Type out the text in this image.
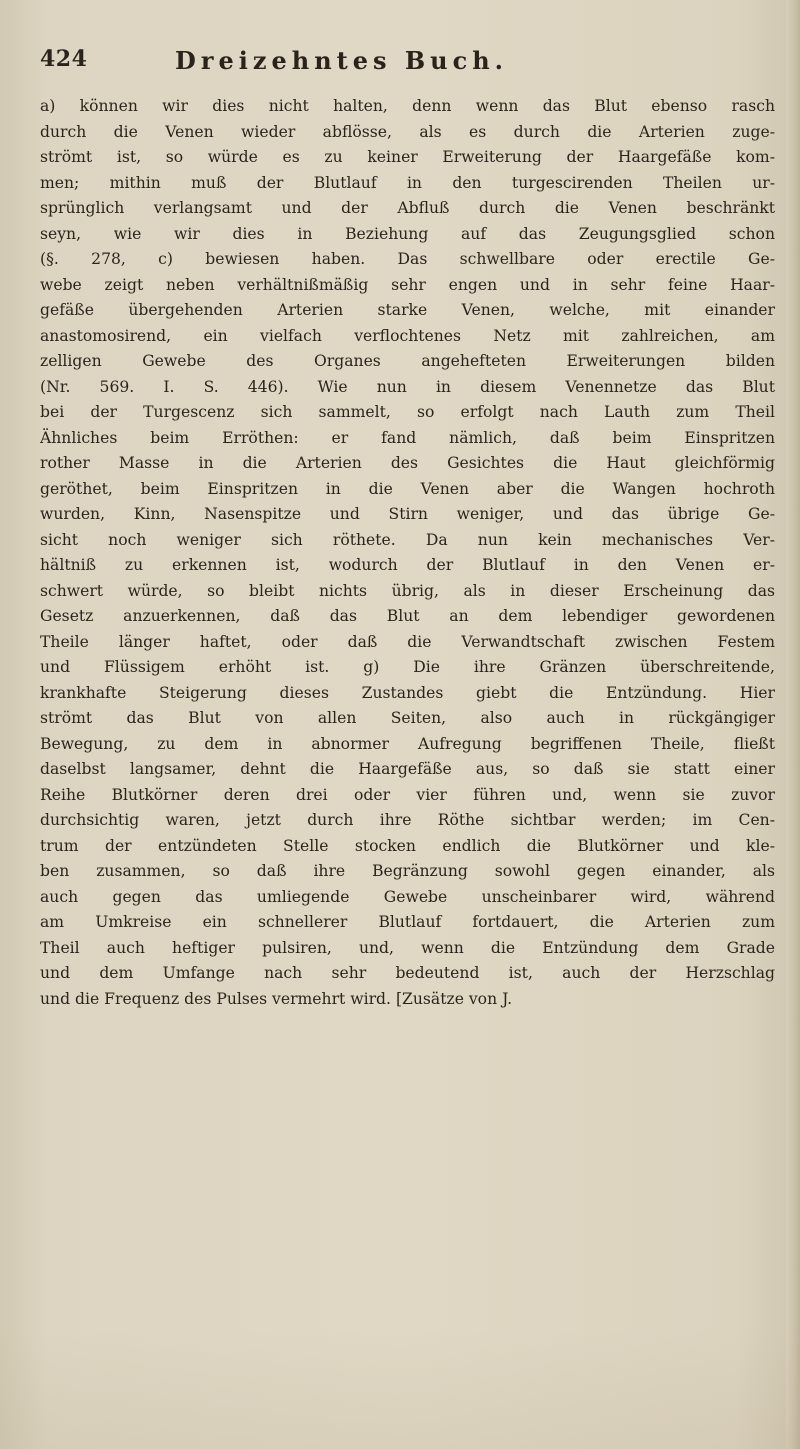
424	Dreizehntes Buch.
a) können wir dies nicht halten, denn wenn das Blut ebenso rasch
durch die Venen wieder abflösse, als es durch die Arterien zuge-
strömt ist, so würde es zu keiner Erweiterung der Haargefäße kom-
men; mithin muß der Blutlauf in den turgescirenden Theilen ur-
sprünglich verlangsamt und der Abfluß durch die Venen beschränkt
seyn, wie wir dies in Beziehung auf das Zeugungsglied schon
(§. 278, c) bewiesen haben. Das schwellbare oder erectile Ge-
webe zeigt neben verhältnißmäßig sehr engen und in sehr feine Haar-
gefäße übergehenden Arterien starke Venen, welche, mit einander
anastomosirend, ein vielfach verflochtenes Netz mit zahlreichen, am
zelligen Gewebe des Organes angehefteten Erweiterungen bilden
(Nr. 569. I. S. 446). Wie nun in diesem Venennetze das Blut
bei der Turgescenz sich sammelt, so erfolgt nach Lauth zum Theil
Ähnliches beim Erröthen: er fand nämlich, daß beim Einspritzen
rother Masse in die Arterien des Gesichtes die Haut gleichförmig
geröthet, beim Einspritzen in die Venen aber die Wangen hochroth
wurden, Kinn, Nasenspitze und Stirn weniger, und das übrige Ge-
sicht noch weniger sich röthete. Da nun kein mechanisches Ver-
hältniß zu erkennen ist, wodurch der Blutlauf in den Venen er-
schwert würde, so bleibt nichts übrig, als in dieser Erscheinung das
Gesetz anzuerkennen, daß das Blut an dem lebendiger gewordenen
Theile länger haftet, oder daß die Verwandtschaft zwischen Festem
und Flüssigem erhöht ist. g) Die ihre Gränzen überschreitende,
krankhafte Steigerung dieses Zustandes giebt die Entzündung. Hier
strömt das Blut von allen Seiten, also auch in rückgängiger
Bewegung, zu dem in abnormer Aufregung begriffenen Theile, fließt
daselbst langsamer, dehnt die Haargefäße aus, so daß sie statt einer
Reihe Blutkörner deren drei oder vier führen und, wenn sie zuvor
durchsichtig waren, jetzt durch ihre Röthe sichtbar werden; im Cen-
trum der entzündeten Stelle stocken endlich die Blutkörner und kle-
ben zusammen, so daß ihre Begränzung sowohl gegen einander, als
auch gegen das umliegende Gewebe unscheinbarer wird, während
am Umkreise ein schnellerer Blutlauf fortdauert, die Arterien zum
Theil auch heftiger pulsiren, und, wenn die Entzündung dem Grade
und dem Umfange nach sehr bedeutend ist, auch der Herzschlag
und die Frequenz des Pulses vermehrt wird. [Zusätze von J.
